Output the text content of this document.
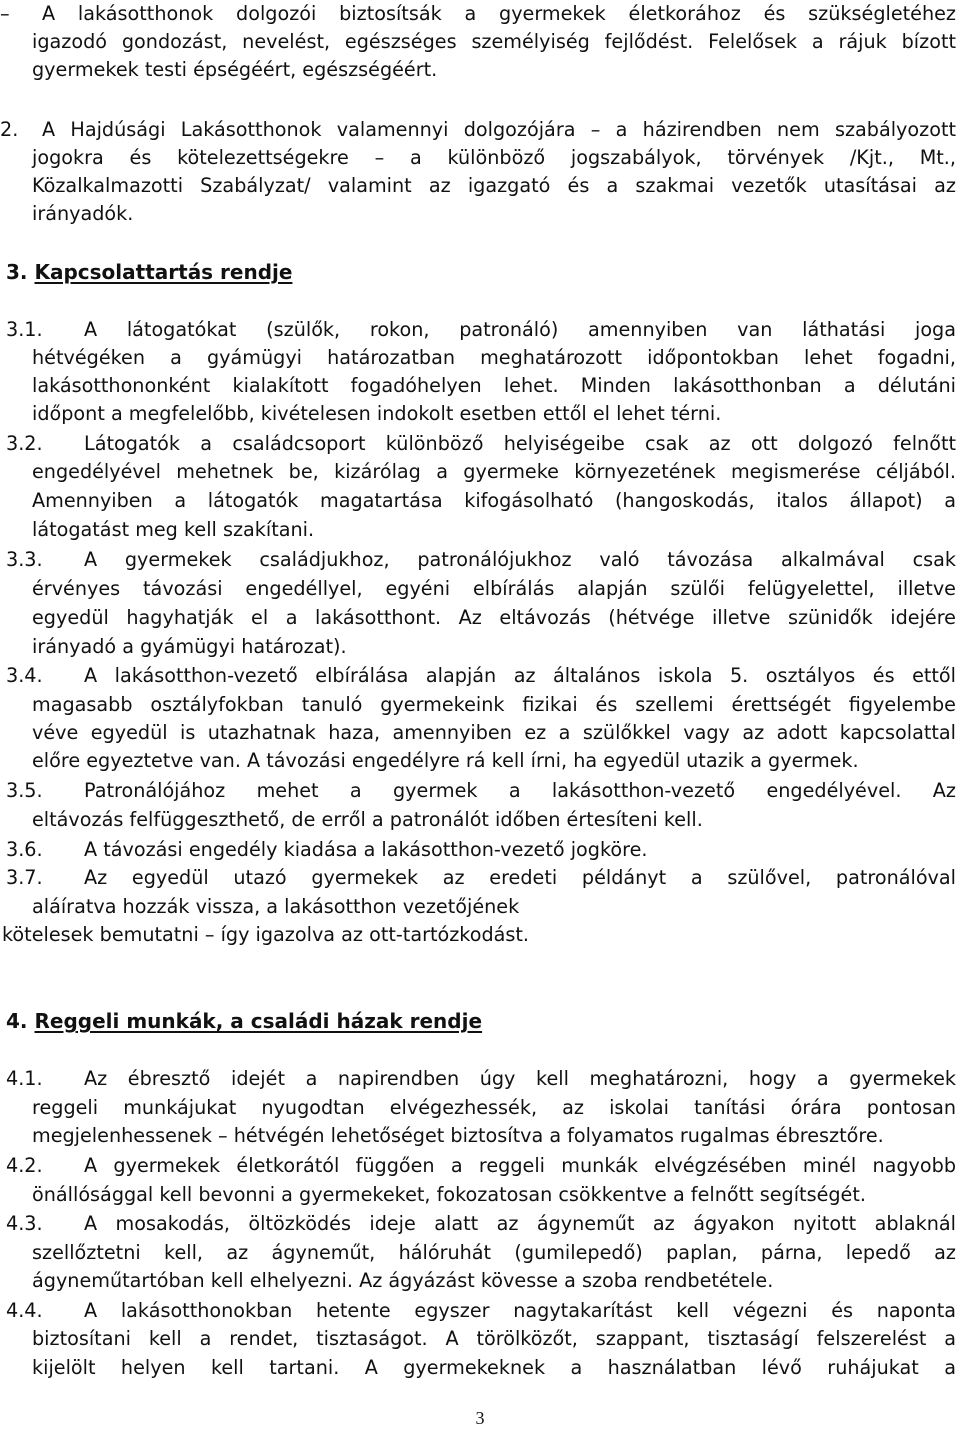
– A lakásotthonok dolgozói biztosítsák a gyermekek életkorához és szükségletéhez
igazodó gondozást, nevelést, egészséges személyiség fejlődést. Felelősek a rájuk bízott
gyermekek testi épségéért, egészségéért.
2. A Hajdúsági Lakásotthonok valamennyi dolgozójára – a házirendben nem szabályozott
jogokra és kötelezettségekre – a különböző jogszabályok, törvények /Kjt., Mt.,
Közalkalmazotti Szabályzat/ valamint az igazgató és a szakmai vezetők utasításai az
irányadók.
3. Kapcsolattartás rendje
3.1. A látogatókat (szülők, rokon, patronáló) amennyiben van láthatási joga
hétvégéken a gyámügyi határozatban meghatározott időpontokban lehet fogadni,
lakásotthononként kialakított fogadóhelyen lehet. Minden lakásotthonban a délutáni
időpont a megfelelőbb, kivételesen indokolt esetben ettől el lehet térni.
3.2. Látogatók a családcsoport különböző helyiségeibe csak az ott dolgozó felnőtt
engedélyével mehetnek be, kizárólag a gyermeke környezetének megismerése céljából.
Amennyiben a látogatók magatartása kifogásolható (hangoskodás, italos állapot) a
látogatást meg kell szakítani.
3.3. A gyermekek családjukhoz, patronálójukhoz való távozása alkalmával csak
érvényes távozási engedéllyel, egyéni elbírálás alapján szülői felügyelettel, illetve
egyedül hagyhatják el a lakásotthont. Az eltávozás (hétvége illetve szünidők idejére
irányadó a gyámügyi határozat).
3.4. A lakásotthon-vezető elbírálása alapján az általános iskola 5. osztályos és ettől
magasabb osztályfokban tanuló gyermekeink fizikai és szellemi érettségét figyelembe
véve egyedül is utazhatnak haza, amennyiben ez a szülőkkel vagy az adott kapcsolattal
előre egyeztetve van. A távozási engedélyre rá kell írni, ha egyedül utazik a gyermek.
3.5. Patronálójához mehet a gyermek a lakásotthon-vezető engedélyével. Az
eltávozás felfüggeszthető, de erről a patronálót időben értesíteni kell.
3.6. A távozási engedély kiadása a lakásotthon-vezető jogköre.
3.7. Az egyedül utazó gyermekek az eredeti példányt a szülővel, patronálóval
aláíratva hozzák vissza, a lakásotthon vezetőjének
kötelesek bemutatni – így igazolva az ott-tartózkodást.
4. Reggeli munkák, a családi házak rendje
4.1. Az ébresztő idejét a napirendben úgy kell meghatározni, hogy a gyermekek
reggeli munkájukat nyugodtan elvégezhessék, az iskolai tanítási órára pontosan
megjelenhessenek – hétvégén lehetőséget biztosítva a folyamatos rugalmas ébresztőre.
4.2. A gyermekek életkorától függően a reggeli munkák elvégzésében minél nagyobb
önállósággal kell bevonni a gyermekeket, fokozatosan csökkentve a felnőtt segítségét.
4.3. A mosakodás, öltözködés ideje alatt az ágyneműt az ágyakon nyitott ablaknál
szellőztetni kell, az ágyneműt, hálóruhát (gumilepedő) paplan, párna, lepedő az
ágyneműtartóban kell elhelyezni. Az ágyázást kövesse a szoba rendbetétele.
4.4. A lakásotthonokban hetente egyszer nagytakarítást kell végezni és naponta
biztosítani kell a rendet, tisztaságot. A törölközőt, szappant, tisztaságí felszerelést a
kijelölt helyen kell tartani. A gyermekeknek a használatban lévő ruhájukat a
3
